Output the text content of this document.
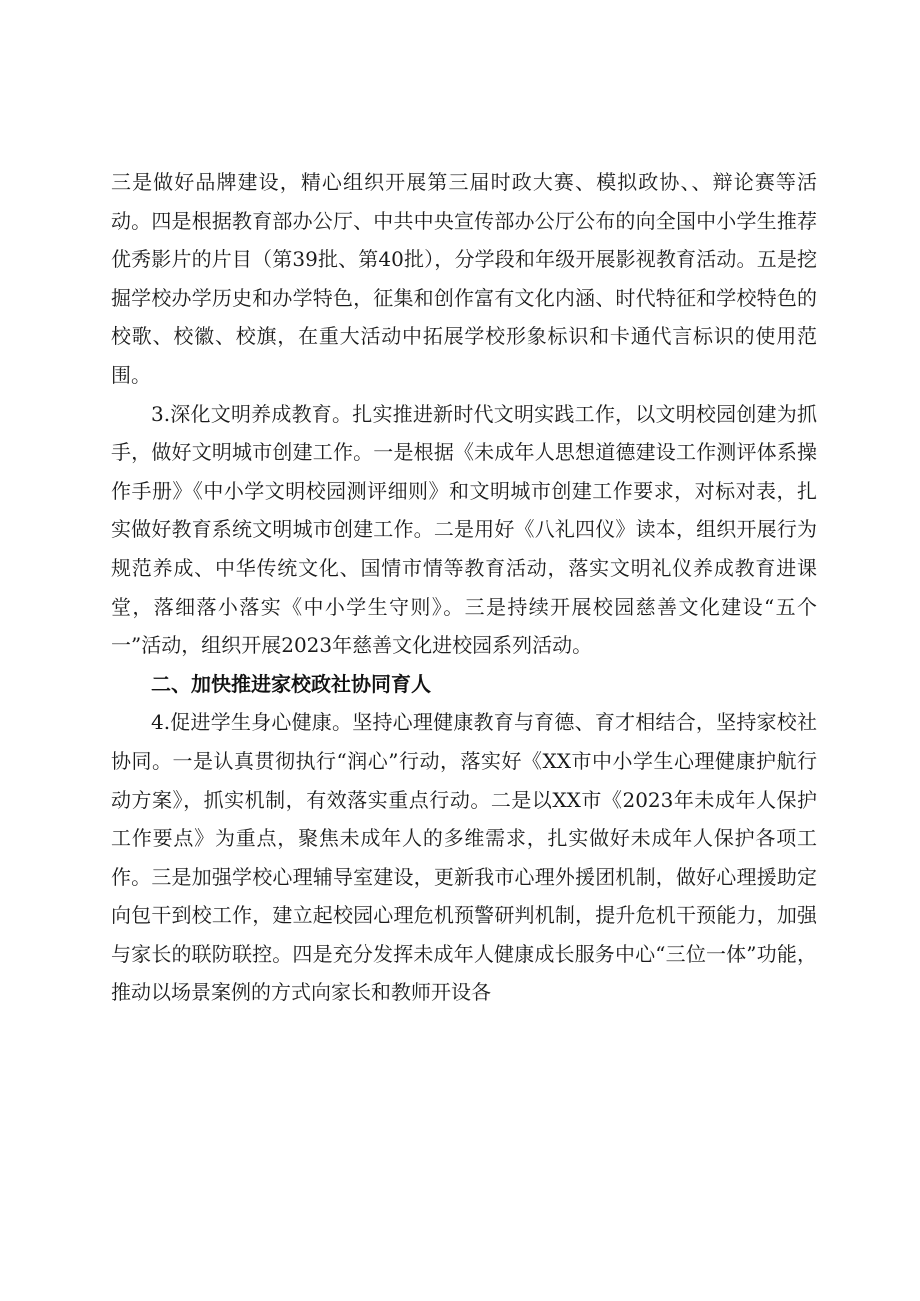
三是做好品牌建设，精心组织开展第三届时政大赛、模拟政协、、辩论赛等活动。四是根据教育部办公厅、中共中央宣传部办公厅公布的向全国中小学生推荐优秀影片的片目（第39批、第40批），分学段和年级开展影视教育活动。五是挖掘学校办学历史和办学特色，征集和创作富有文化内涵、时代特征和学校特色的校歌、校徽、校旗，在重大活动中拓展学校形象标识和卡通代言标识的使用范围。

3.深化文明养成教育。扎实推进新时代文明实践工作，以文明校园创建为抓手，做好文明城市创建工作。一是根据《未成年人思想道德建设工作测评体系操作手册》《中小学文明校园测评细则》和文明城市创建工作要求，对标对表，扎实做好教育系统文明城市创建工作。二是用好《八礼四仪》读本，组织开展行为规范养成、中华传统文化、国情市情等教育活动，落实文明礼仪养成教育进课堂，落细落小落实《中小学生守则》。三是持续开展校园慈善文化建设“五个一”活动，组织开展2023年慈善文化进校园系列活动。

二、加快推进家校政社协同育人

4.促进学生身心健康。坚持心理健康教育与育德、育才相结合，坚持家校社协同。一是认真贯彻执行“润心”行动，落实好《XX市中小学生心理健康护航行动方案》，抓实机制，有效落实重点行动。二是以XX市《2023年未成年人保护工作要点》为重点，聚焦未成年人的多维需求，扎实做好未成年人保护各项工作。三是加强学校心理辅导室建设，更新我市心理外援团机制，做好心理援助定向包干到校工作，建立起校园心理危机预警研判机制，提升危机干预能力，加强与家长的联防联控。四是充分发挥未成年人健康成长服务中心“三位一体”功能，推动以场景案例的方式向家长和教师开设各
